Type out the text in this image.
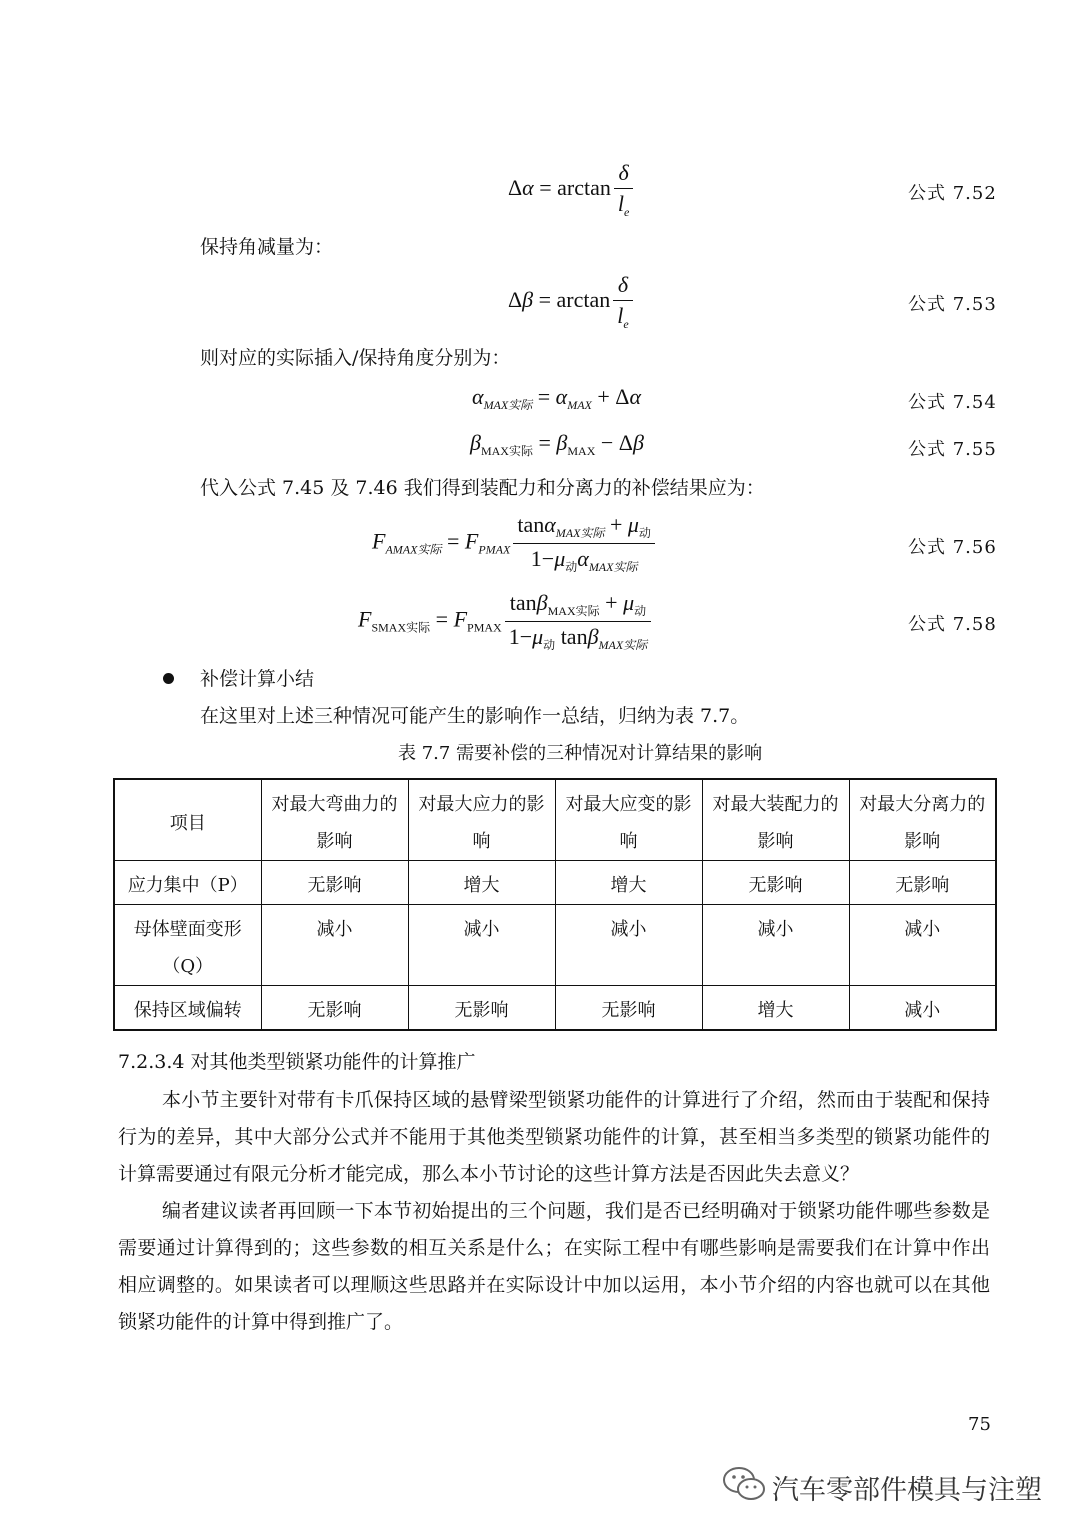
$\Delta\alpha = \arctan \frac{\delta}{l_e}$	公式 7.52
保持角减量为：
$\Delta\beta = \arctan \frac{\delta}{l_e}$	公式 7.53
则对应的实际插入/保持角度分别为：
$\alpha_{MAX实际} = \alpha_{MAX} + \Delta\alpha$	公式 7.54
$\beta_{MAX实际} = \beta_{MAX} - \Delta\beta$	公式 7.55
代入公式 7.45 及 7.46 我们得到装配力和分离力的补偿结果应为：
$F_{AMAX实际} = F_{PMAX} \frac{\tan\alpha_{MAX实际} + \mu_动}{1-\mu_动\alpha_{MAX实际}}$	公式 7.56
$F_{SMAX实际} = F_{PMAX} \frac{\tan\beta_{MAX实际} + \mu_动}{1-\mu_动 \tan\beta_{MAX实际}}$	公式 7.58
补偿计算小结
在这里对上述三种情况可能产生的影响作一总结，归纳为表 7.7。
表 7.7 需要补偿的三种情况对计算结果的影响
项目	对最大弯曲力的影响	对最大应力的影响	对最大应变的影响	对最大装配力的影响	对最大分离力的影响
应力集中（P）	无影响	增大	增大	无影响	无影响
母体壁面变形（Q）	减小	减小	减小	减小	减小
保持区域偏转	无影响	无影响	无影响	增大	减小
7.2.3.4 对其他类型锁紧功能件的计算推广

本小节主要针对带有卡爪保持区域的悬臂梁型锁紧功能件的计算进行了介绍，然而由于装配和保持行为的差异，其中大部分公式并不能用于其他类型锁紧功能件的计算，甚至相当多类型的锁紧功能件的计算需要通过有限元分析才能完成，那么本小节讨论的这些计算方法是否因此失去意义？

编者建议读者再回顾一下本节初始提出的三个问题，我们是否已经明确对于锁紧功能件哪些参数是需要通过计算得到的；这些参数的相互关系是什么；在实际工程中有哪些影响是需要我们在计算中作出相应调整的。如果读者可以理顺这些思路并在实际设计中加以运用，本小节介绍的内容也就可以在其他锁紧功能件的计算中得到推广了。

75
汽车零部件模具与注塑
